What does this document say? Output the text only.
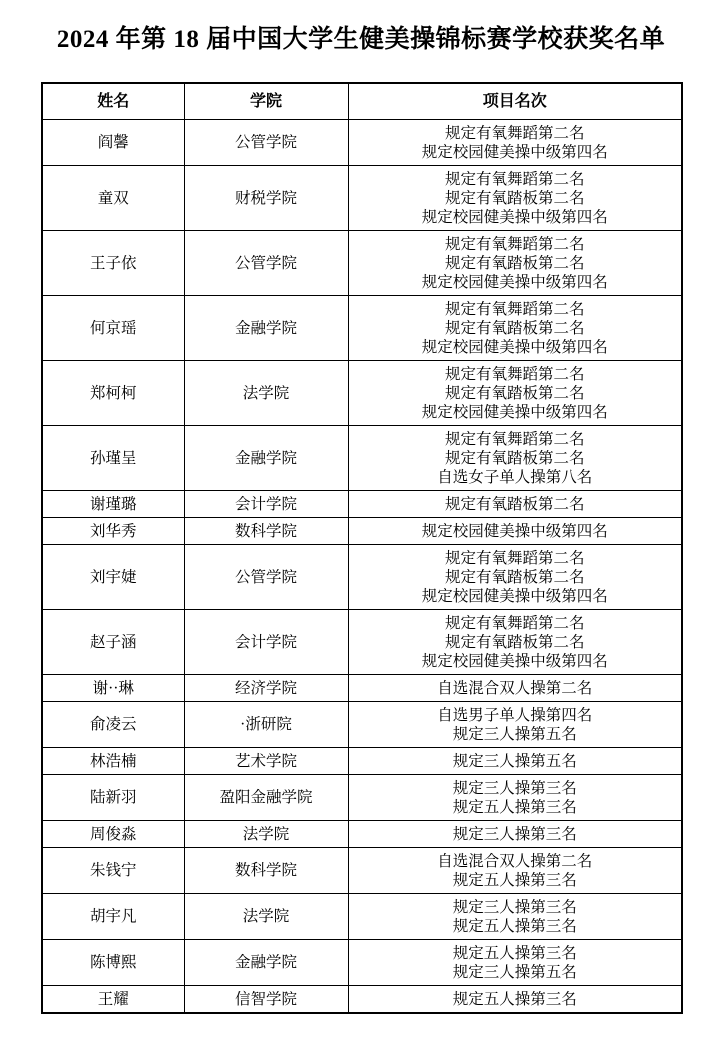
2024 年第 18 届中国大学生健美操锦标赛学校获奖名单
姓名	学院	项目名次
阎馨	公管学院	规定有氧舞蹈第二名
规定校园健美操中级第四名

童双	财税学院	规定有氧舞蹈第二名
规定有氧踏板第二名
规定校园健美操中级第四名

王子依	公管学院	规定有氧舞蹈第二名
规定有氧踏板第二名
规定校园健美操中级第四名

何京瑶	金融学院	规定有氧舞蹈第二名
规定有氧踏板第二名
规定校园健美操中级第四名

郑柯柯	法学院	规定有氧舞蹈第二名
规定有氧踏板第二名
规定校园健美操中级第四名

孙瑾呈	金融学院	规定有氧舞蹈第二名
规定有氧踏板第二名
自选女子单人操第八名

谢瑾璐	会计学院	规定有氧踏板第二名

刘华秀	数科学院	规定校园健美操中级第四名

刘宇婕	公管学院	规定有氧舞蹈第二名
规定有氧踏板第二名
规定校园健美操中级第四名

赵子涵	会计学院	规定有氧舞蹈第二名
规定有氧踏板第二名
规定校园健美操中级第四名

谢··琳	经济学院	自选混合双人操第二名

俞凌云	·浙研院	自选男子单人操第四名
规定三人操第五名

林浩楠	艺术学院	规定三人操第五名

陆新羽	盈阳金融学院	规定三人操第三名
规定五人操第三名

周俊淼	法学院	规定三人操第三名

朱钱宁	数科学院	自选混合双人操第二名
规定五人操第三名

胡宇凡	法学院	规定三人操第三名
规定五人操第三名

陈博熙	金融学院	规定五人操第三名
规定三人操第五名

王耀	信智学院	规定五人操第三名
